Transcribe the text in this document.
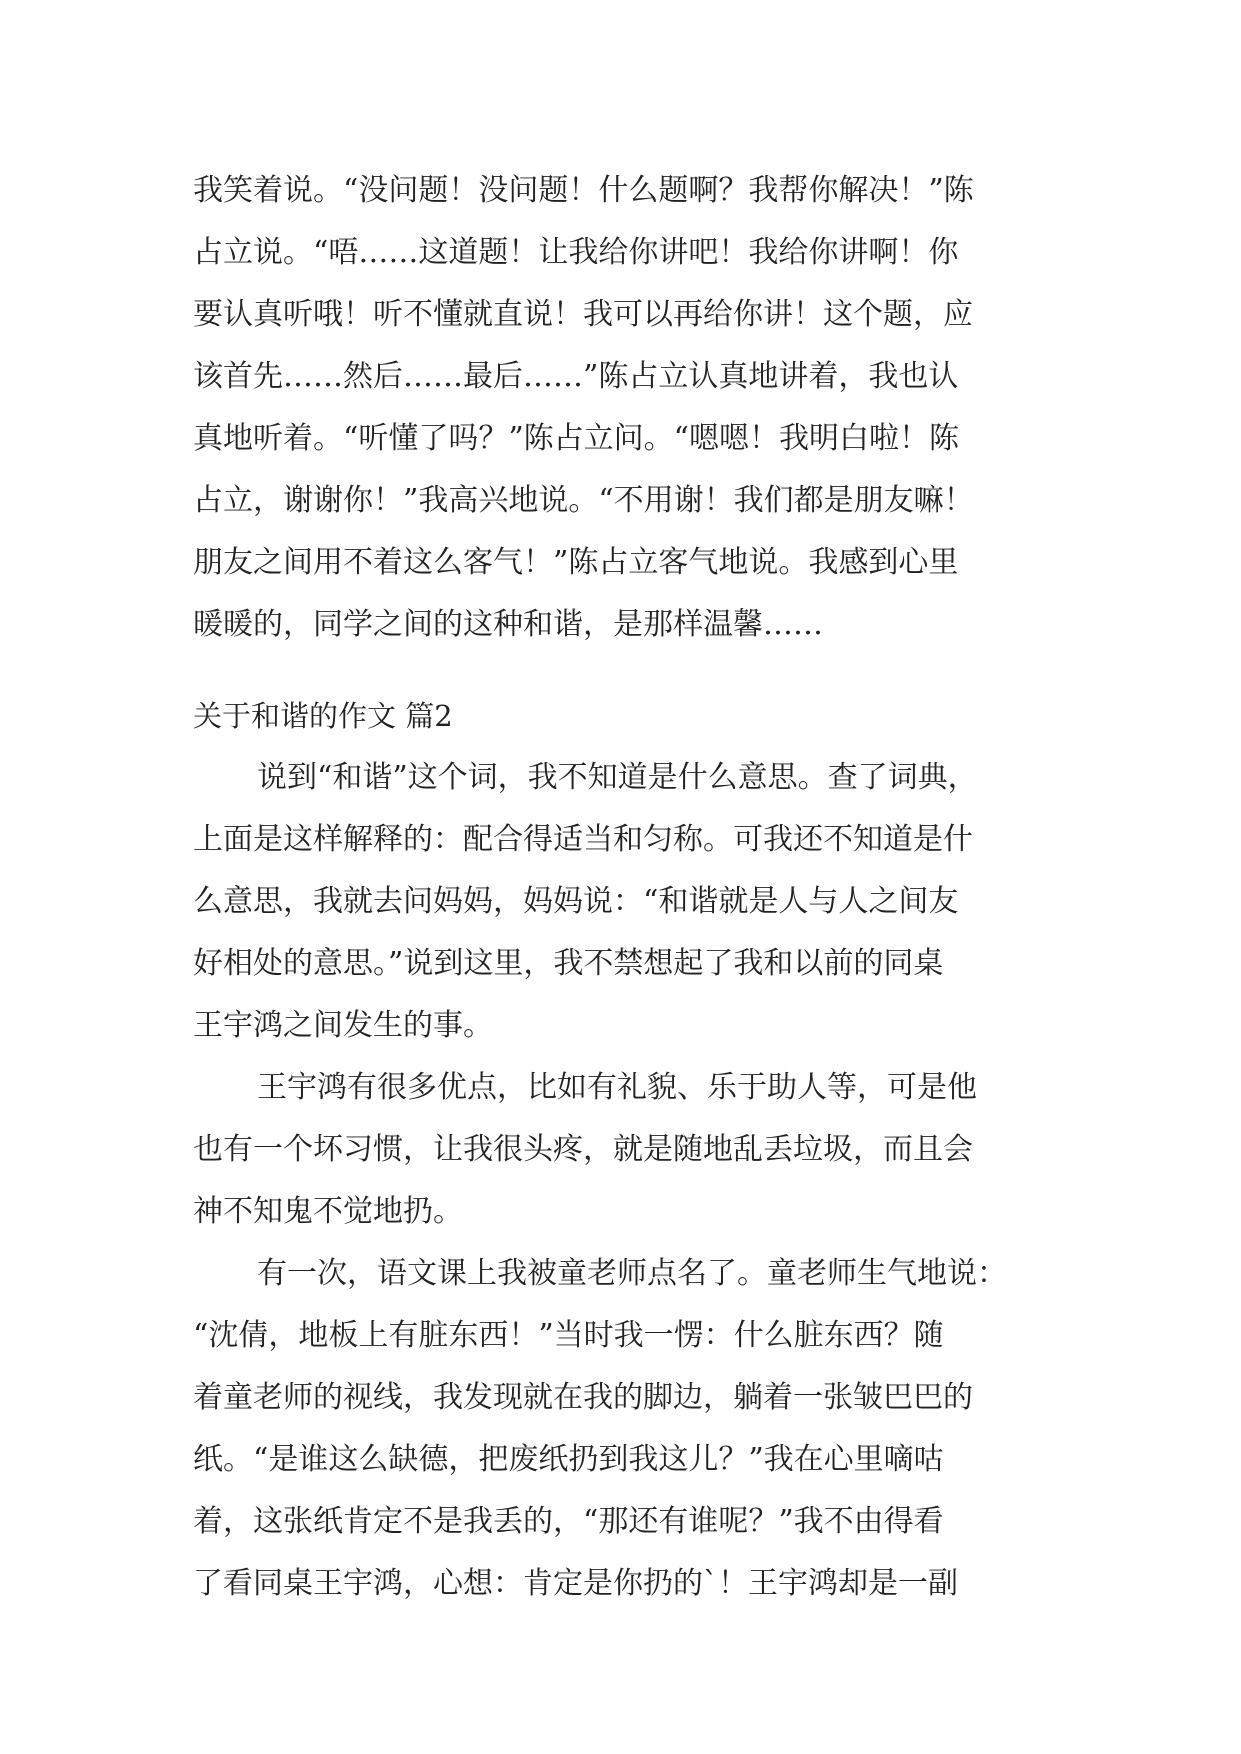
我笑着说。“没问题！没问题！什么题啊？我帮你解决！”陈
占立说。“唔……这道题！让我给你讲吧！我给你讲啊！你
要认真听哦！听不懂就直说！我可以再给你讲！这个题，应
该首先……然后……最后……”陈占立认真地讲着，我也认
真地听着。“听懂了吗？”陈占立问。“嗯嗯！我明白啦！陈
占立，谢谢你！”我高兴地说。“不用谢！我们都是朋友嘛！
朋友之间用不着这么客气！”陈占立客气地说。我感到心里
暖暖的，同学之间的这种和谐，是那样温馨……
关于和谐的作文 篇2
说到“和谐”这个词，我不知道是什么意思。查了词典，
上面是这样解释的：配合得适当和匀称。可我还不知道是什
么意思，我就去问妈妈，妈妈说：“和谐就是人与人之间友
好相处的意思。”说到这里，我不禁想起了我和以前的同桌
王宇鸿之间发生的事。
王宇鸿有很多优点，比如有礼貌、乐于助人等，可是他
也有一个坏习惯，让我很头疼，就是随地乱丢垃圾，而且会
神不知鬼不觉地扔。
有一次，语文课上我被童老师点名了。童老师生气地说：
“沈倩，地板上有脏东西！”当时我一愣：什么脏东西？随
着童老师的视线，我发现就在我的脚边，躺着一张皱巴巴的
纸。“是谁这么缺德，把废纸扔到我这儿？”我在心里嘀咕
着，这张纸肯定不是我丢的，“那还有谁呢？”我不由得看
了看同桌王宇鸿，心想：肯定是你扔的`！王宇鸿却是一副
